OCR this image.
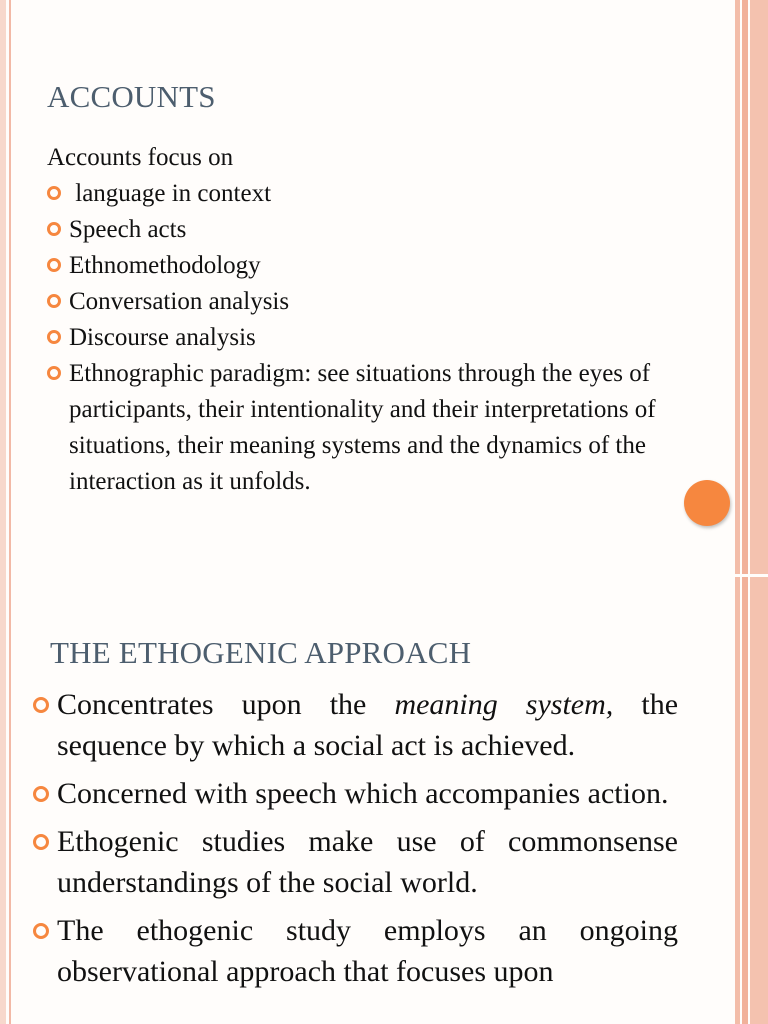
ACCOUNTS
Accounts focus on
language in context
Speech acts
Ethnomethodology
Conversation analysis
Discourse analysis
Ethnographic paradigm: see situations through the eyes of participants, their intentionality and their interpretations of situations, their meaning systems and the dynamics of the interaction as it unfolds.
THE ETHOGENIC APPROACH
Concentrates upon the meaning system, the sequence by which a social act is achieved.
Concerned with speech which accompanies action.
Ethogenic studies make use of commonsense understandings of the social world.
The ethogenic study employs an ongoing observational approach that focuses upon
